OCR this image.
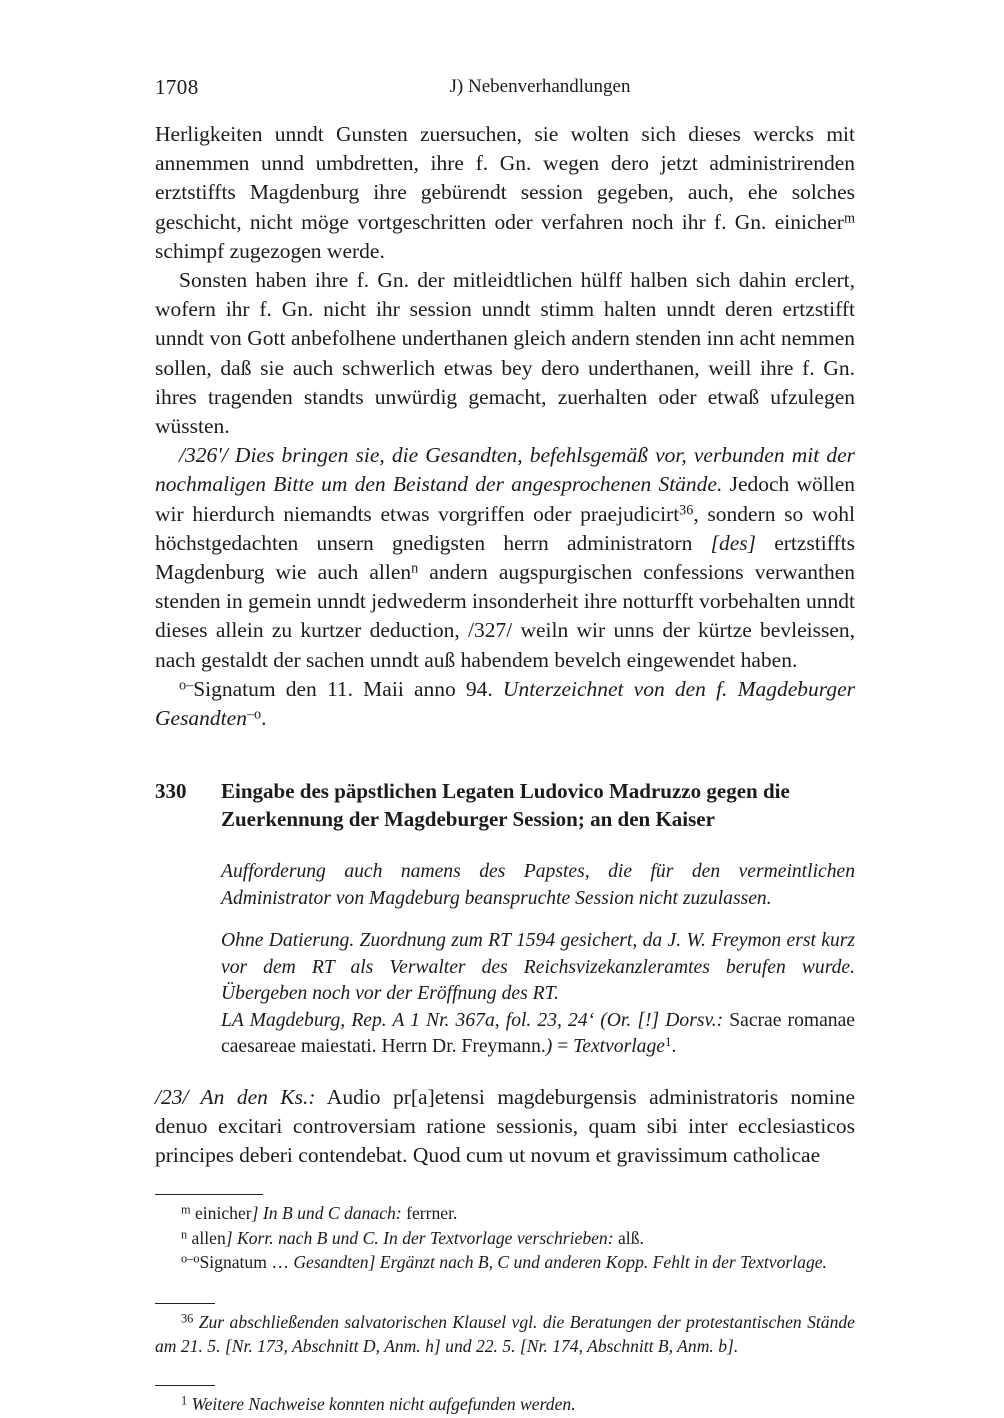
1708	J) Nebenverhandlungen

Herligkeiten unndt Gunsten zuersuchen, sie wolten sich dieses wercks mit annemmen unnd umbdretten, ihre f. Gn. wegen dero jetzt administrirenden erztstiffts Magdenburg ihre gebürendt session gegeben, auch, ehe solches geschicht, nicht möge vortgeschritten oder verfahren noch ihr f. Gn. einicher$^m$ schimpf zugezogen werde.

Sonsten haben ihre f. Gn. der mitleidtlichen hülff halben sich dahin erclert, wofern ihr f. Gn. nicht ihr session unndt stimm halten unndt deren ertzstifft unndt von Gott anbefolhene underthanen gleich andern stenden inn acht nemmen sollen, daß sie auch schwerlich etwas bey dero underthanen, weill ihre f. Gn. ihres tragenden standts unwürdig gemacht, zuerhalten oder etwaß ufzulegen wüssten.

/326'/ Dies bringen sie, die Gesandten, befehlsgemäß vor, verbunden mit der nochmaligen Bitte um den Beistand der angesprochenen Stände. Jedoch wöllen wir hierdurch niemandts etwas vorgriffen oder praejudicirt$^{36}$, sondern so wohl höchstgedachten unsern gnedigsten herrn administratorn [des] ertzstiffts Magdenburg wie auch allen$^n$ andern augspurgischen confessions verwanthen stenden in gemein unndt jedwederm insonderheit ihre notturfft vorbehalten unndt dieses allein zu kurtzer deduction, /327/ weiln wir unns der kürtze bevleissen, nach gestaldt der sachen unndt auß habendem bevelch eingewendet haben.

$^{o-}$Signatum den 11. Maii anno 94. Unterzeichnet von den f. Magdeburger Gesandten$^{-o}$.

330	Eingabe des päpstlichen Legaten Ludovico Madruzzo gegen die Zuerkennung der Magdeburger Session; an den Kaiser

Aufforderung auch namens des Papstes, die für den vermeintlichen Administrator von Magdeburg beanspruchte Session nicht zuzulassen.

Ohne Datierung. Zuordnung zum RT 1594 gesichert, da J. W. Freymon erst kurz vor dem RT als Verwalter des Reichsvizekanzleramtes berufen wurde. Übergeben noch vor der Eröffnung des RT.

LA Magdeburg, Rep. A 1 Nr. 367a, fol. 23, 24‘ (Or. [!] Dorsv.: Sacrae romanae caesareae maiestati. Herrn Dr. Freymann.) = Textvorlage$^1$.

/23/ An den Ks.: Audio pr[a]etensi magdeburgensis administratoris nomine denuo excitari controversiam ratione sessionis, quam sibi inter ecclesiasticos principes deberi contendebat. Quod cum ut novum et gravissimum catholicae

$^m$ einicher] In B und C danach: ferrner.

$^n$ allen] Korr. nach B und C. In der Textvorlage verschrieben: alß.

$^{o-o}$Signatum … Gesandten] Ergänzt nach B, C und anderen Kopp. Fehlt in der Textvorlage.

$^{36}$ Zur abschließenden salvatorischen Klausel vgl. die Beratungen der protestantischen Stände am 21. 5. [Nr. 173, Abschnitt D, Anm. h] und 22. 5. [Nr. 174, Abschnitt B, Anm. b].

$^1$ Weitere Nachweise konnten nicht aufgefunden werden.
